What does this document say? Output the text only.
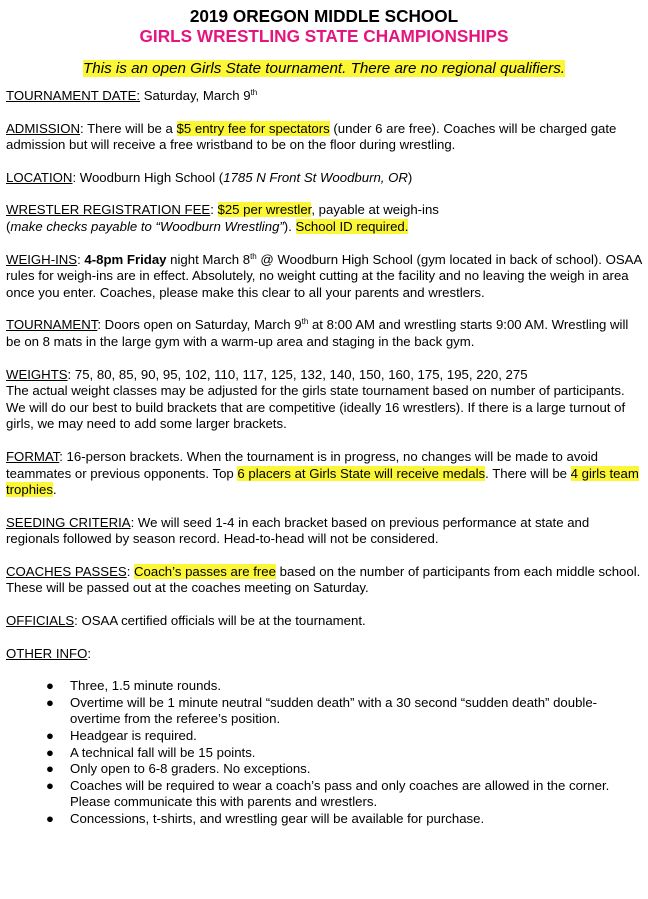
2019 OREGON MIDDLE SCHOOL
GIRLS WRESTLING STATE CHAMPIONSHIPS
This is an open Girls State tournament. There are no regional qualifiers.

TOURNAMENT DATE: Saturday, March 9th

ADMISSION: There will be a $5 entry fee for spectators (under 6 are free). Coaches will be charged gate admission but will receive a free wristband to be on the floor during wrestling.

LOCATION: Woodburn High School (1785 N Front St Woodburn, OR)

WRESTLER REGISTRATION FEE: $25 per wrestler, payable at weigh-ins
(make checks payable to “Woodburn Wrestling”). School ID required.

WEIGH-INS: 4-8pm Friday night March 8th @ Woodburn High School (gym located in back of school). OSAA rules for weigh-ins are in effect. Absolutely, no weight cutting at the facility and no leaving the weigh in area once you enter. Coaches, please make this clear to all your parents and wrestlers.

TOURNAMENT: Doors open on Saturday, March 9th at 8:00 AM and wrestling starts 9:00 AM. Wrestling will be on 8 mats in the large gym with a warm-up area and staging in the back gym.

WEIGHTS: 75, 80, 85, 90, 95, 102, 110, 117, 125, 132, 140, 150, 160, 175, 195, 220, 275
The actual weight classes may be adjusted for the girls state tournament based on number of participants. We will do our best to build brackets that are competitive (ideally 16 wrestlers). If there is a large turnout of girls, we may need to add some larger brackets.

FORMAT: 16-person brackets. When the tournament is in progress, no changes will be made to avoid teammates or previous opponents. Top 6 placers at Girls State will receive medals. There will be 4 girls team trophies.

SEEDING CRITERIA: We will seed 1-4 in each bracket based on previous performance at state and regionals followed by season record. Head-to-head will not be considered.

COACHES PASSES: Coach’s passes are free based on the number of participants from each middle school. These will be passed out at the coaches meeting on Saturday.

OFFICIALS: OSAA certified officials will be at the tournament.

OTHER INFO:
● Three, 1.5 minute rounds.
● Overtime will be 1 minute neutral “sudden death” with a 30 second “sudden death” double-overtime from the referee’s position.
● Headgear is required.
● A technical fall will be 15 points.
● Only open to 6-8 graders. No exceptions.
● Coaches will be required to wear a coach’s pass and only coaches are allowed in the corner. Please communicate this with parents and wrestlers.
● Concessions, t-shirts, and wrestling gear will be available for purchase.
